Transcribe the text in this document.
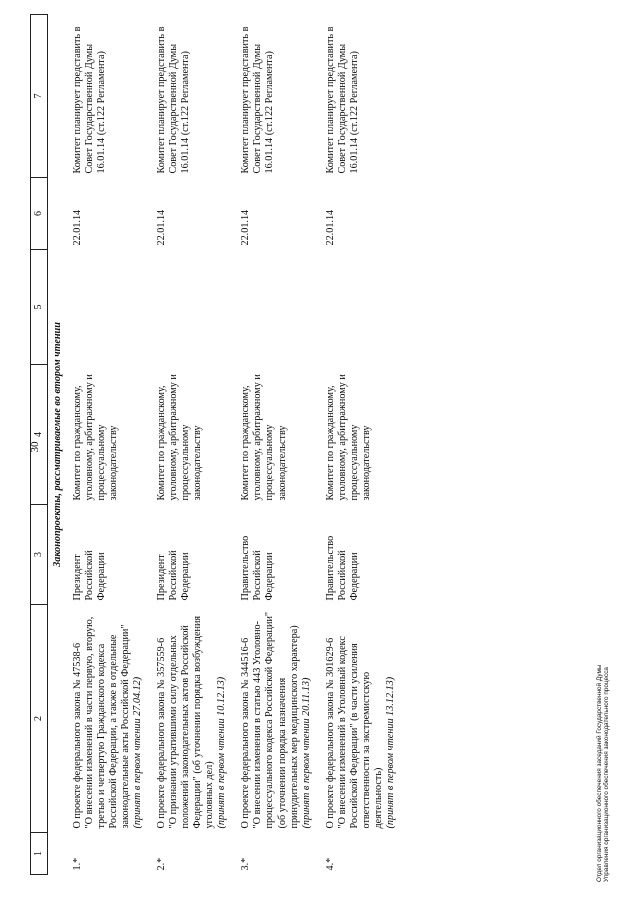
30
1	2	3	4	5	6	7
Законопроекты, рассматриваемые во втором чтении						
1.*	О проекте федерального закона № 47538-6 "О внесении изменений в части первую, вторую, третью и четвертую Гражданского кодекса Российской Федерации, а также в отдельные законодательные акты Российской Федерации" (принят в первом чтении 27.04.12)	Президент Российской Федерации	Комитет по гражданскому, уголовному, арбитражному и процессуальному законодательству		22.01.14	Комитет планирует представить в Совет Государственной Думы 16.01.14 (ст.122 Регламента)
2.*	О проекте федерального закона № 357559-6 "О признании утратившими силу отдельных положений законодательных актов Российской Федерации" (об уточнении порядка возбуждения уголовных дел) (принят в первом чтении 10.12.13)	Президент Российской Федерации	Комитет по гражданскому, уголовному, арбитражному и процессуальному законодательству		22.01.14	Комитет планирует представить в Совет Государственной Думы 16.01.14 (ст.122 Регламента)
3.*	О проекте федерального закона № 344516-6 "О внесении изменения в статью 443 Уголовно-процессуального кодекса Российской Федерации" (об уточнении порядка назначения принудительных мер медицинского характера) (принят в первом чтении 20.11.13)	Правительство Российской Федерации	Комитет по гражданскому, уголовному, арбитражному и процессуальному законодательству		22.01.14	Комитет планирует представить в Совет Государственной Думы 16.01.14 (ст.122 Регламента)
4.*	О проекте федерального закона № 301629-6 "О внесении изменений в Уголовный кодекс Российской Федерации" (в части усиления ответственности за экстремистскую деятельность) (принят в первом чтении 13.12.13)	Правительство Российской Федерации	Комитет по гражданскому, уголовному, арбитражному и процессуальному законодательству		22.01.14	Комитет планирует представить в Совет Государственной Думы 16.01.14 (ст.122 Регламента)
Отдел организационного обеспечения заседаний Государственной Думы Управления организационного обеспечения законодательного процесса
